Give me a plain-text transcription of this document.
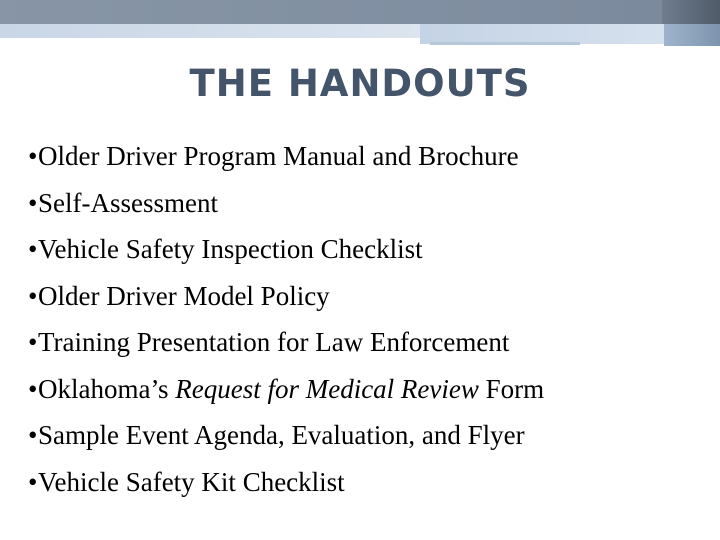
THE HANDOUTS
•Older Driver Program Manual and Brochure
•Self-Assessment
•Vehicle Safety Inspection Checklist
•Older Driver Model Policy
•Training Presentation for Law Enforcement
•Oklahoma’s Request for Medical Review Form
•Sample Event Agenda, Evaluation, and Flyer
•Vehicle Safety Kit Checklist
